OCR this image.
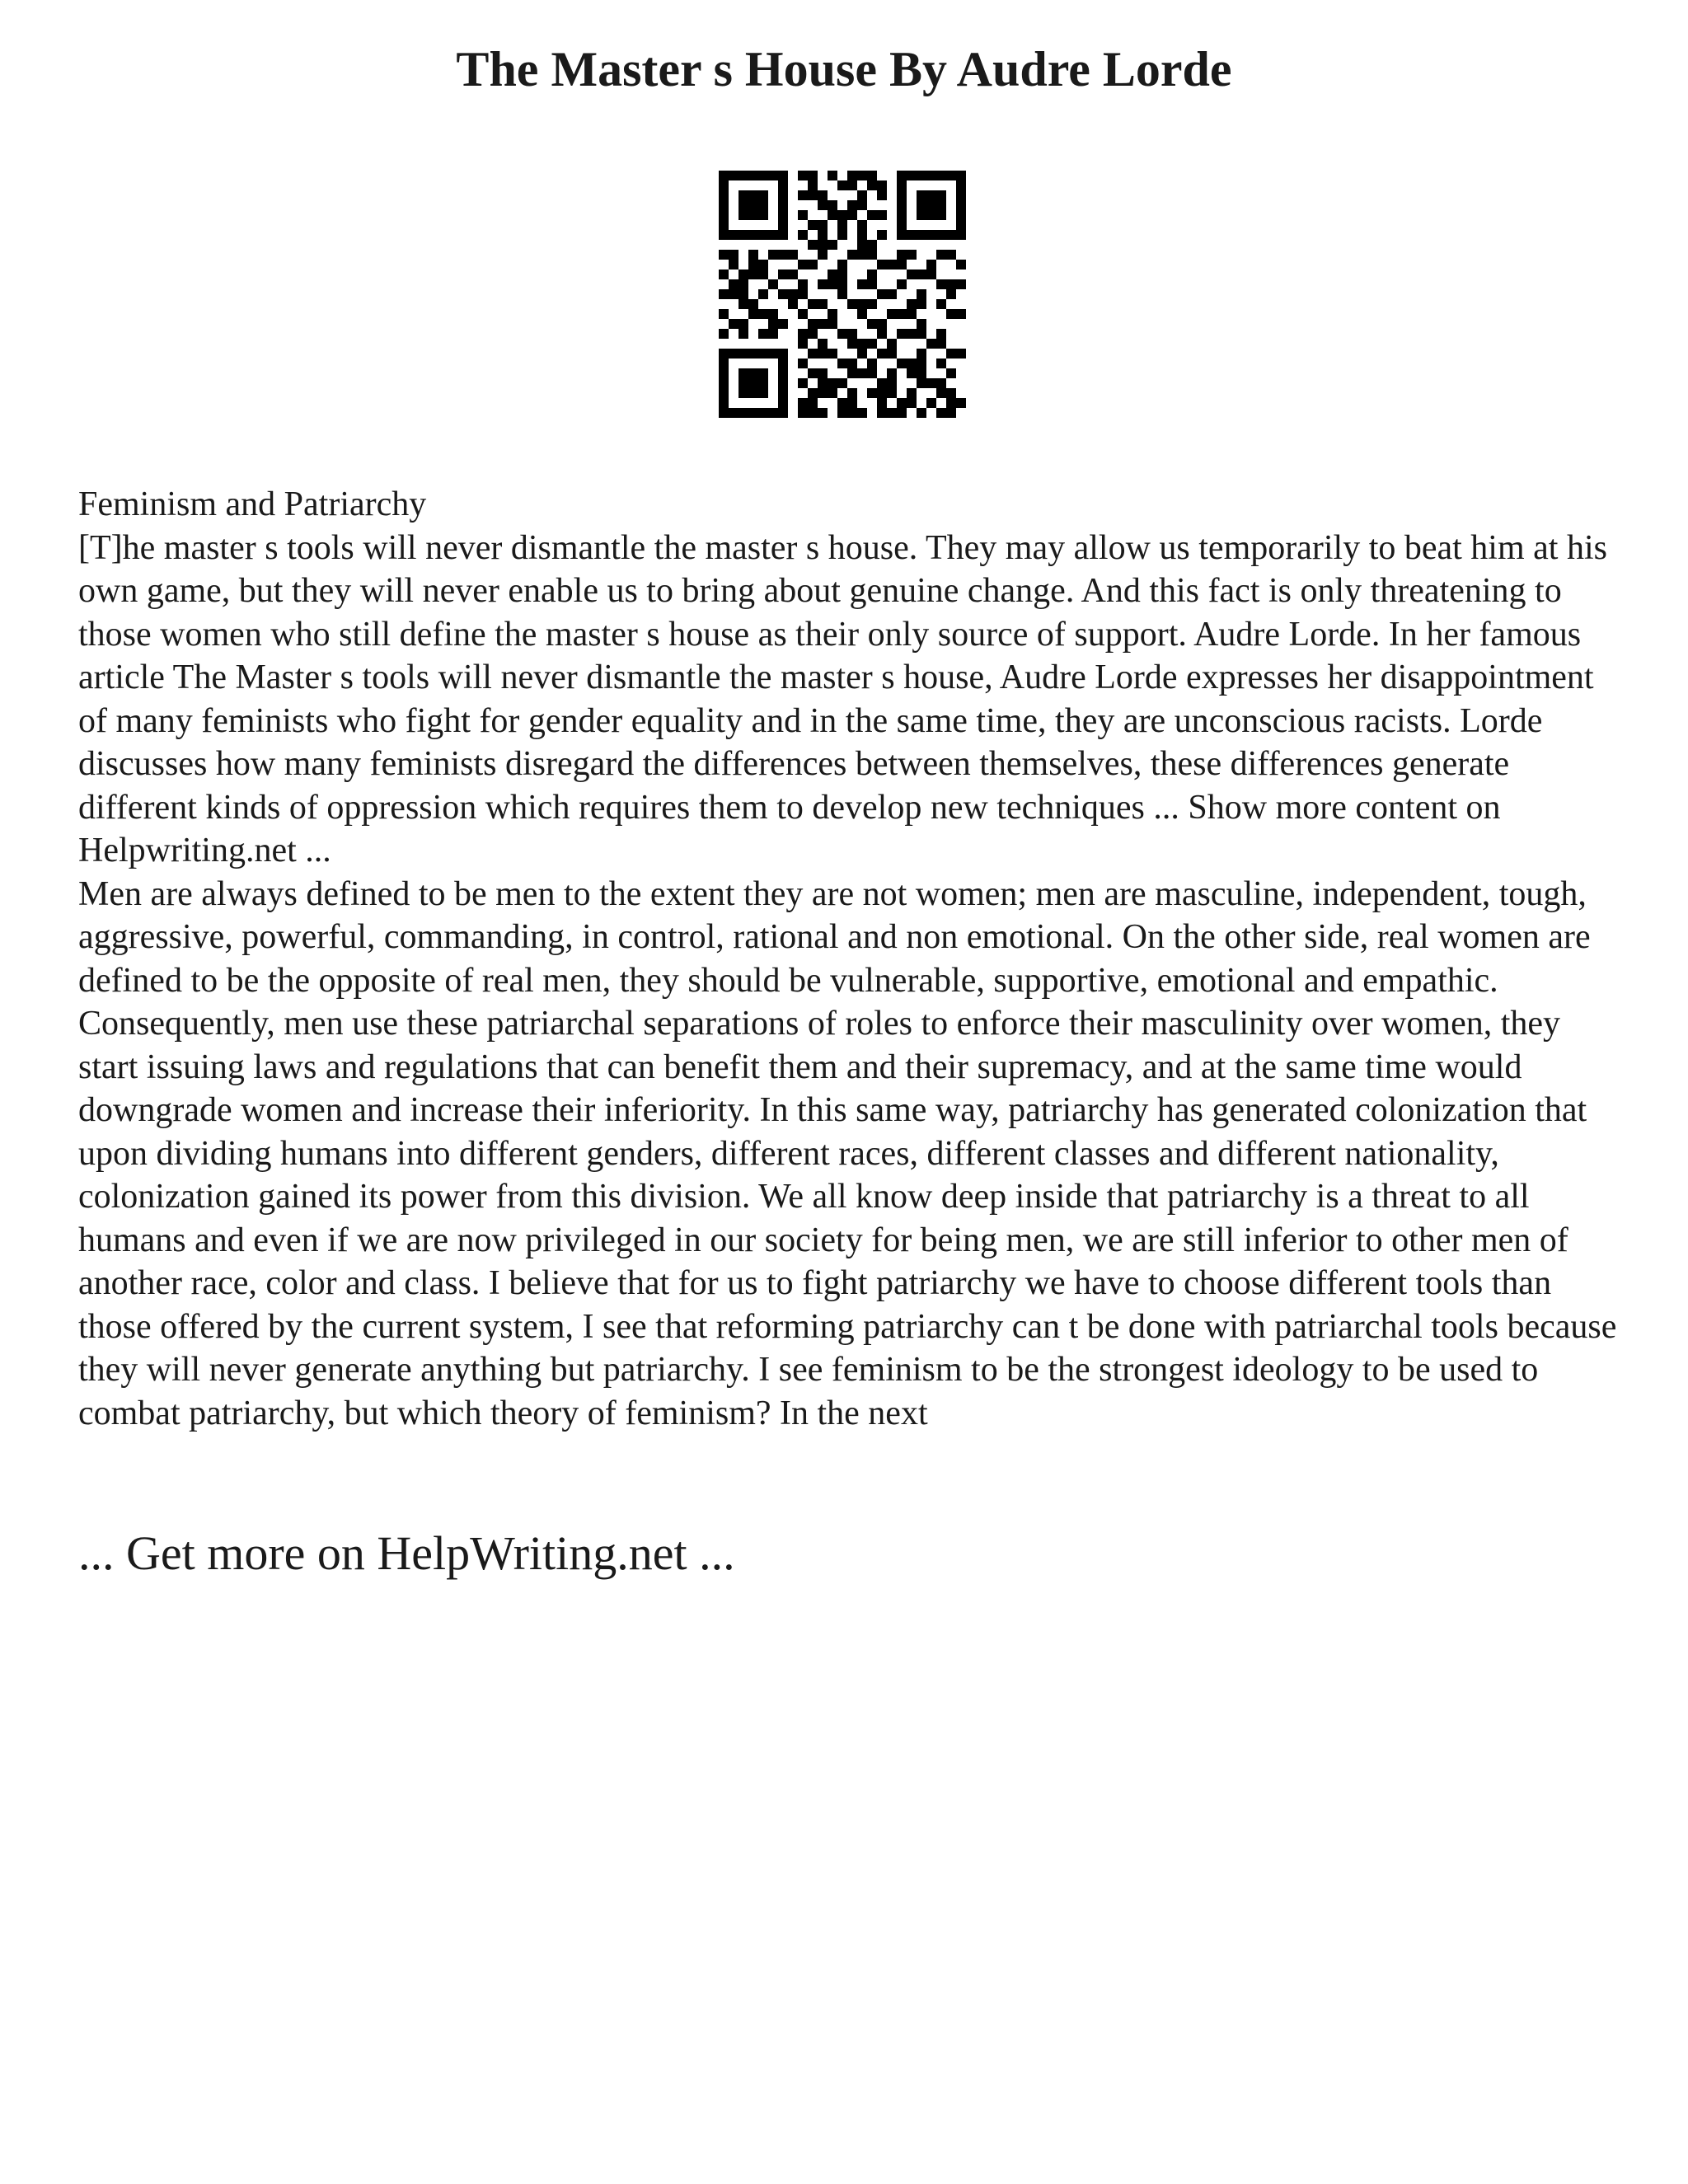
The Master s House By Audre Lorde

Feminism and Patriarchy

[T]he master s tools will never dismantle the master s house. They may allow us temporarily to beat him at his own game, but they will never enable us to bring about genuine change. And this fact is only threatening to those women who still define the master s house as their only source of support. Audre Lorde. In her famous article The Master s tools will never dismantle the master s house, Audre Lorde expresses her disappointment of many feminists who fight for gender equality and in the same time, they are unconscious racists. Lorde discusses how many feminists disregard the differences between themselves, these differences generate different kinds of oppression which requires them to develop new techniques ... Show more content on Helpwriting.net ...

Men are always defined to be men to the extent they are not women; men are masculine, independent, tough, aggressive, powerful, commanding, in control, rational and non emotional. On the other side, real women are defined to be the opposite of real men, they should be vulnerable, supportive, emotional and empathic. Consequently, men use these patriarchal separations of roles to enforce their masculinity over women, they start issuing laws and regulations that can benefit them and their supremacy, and at the same time would downgrade women and increase their inferiority. In this same way, patriarchy has generated colonization that upon dividing humans into different genders, different races, different classes and different nationality, colonization gained its power from this division. We all know deep inside that patriarchy is a threat to all humans and even if we are now privileged in our society for being men, we are still inferior to other men of another race, color and class. I believe that for us to fight patriarchy we have to choose different tools than those offered by the current system, I see that reforming patriarchy can t be done with patriarchal tools because they will never generate anything but patriarchy. I see feminism to be the strongest ideology to be used to combat patriarchy, but which theory of feminism? In the next

... Get more on HelpWriting.net ...
